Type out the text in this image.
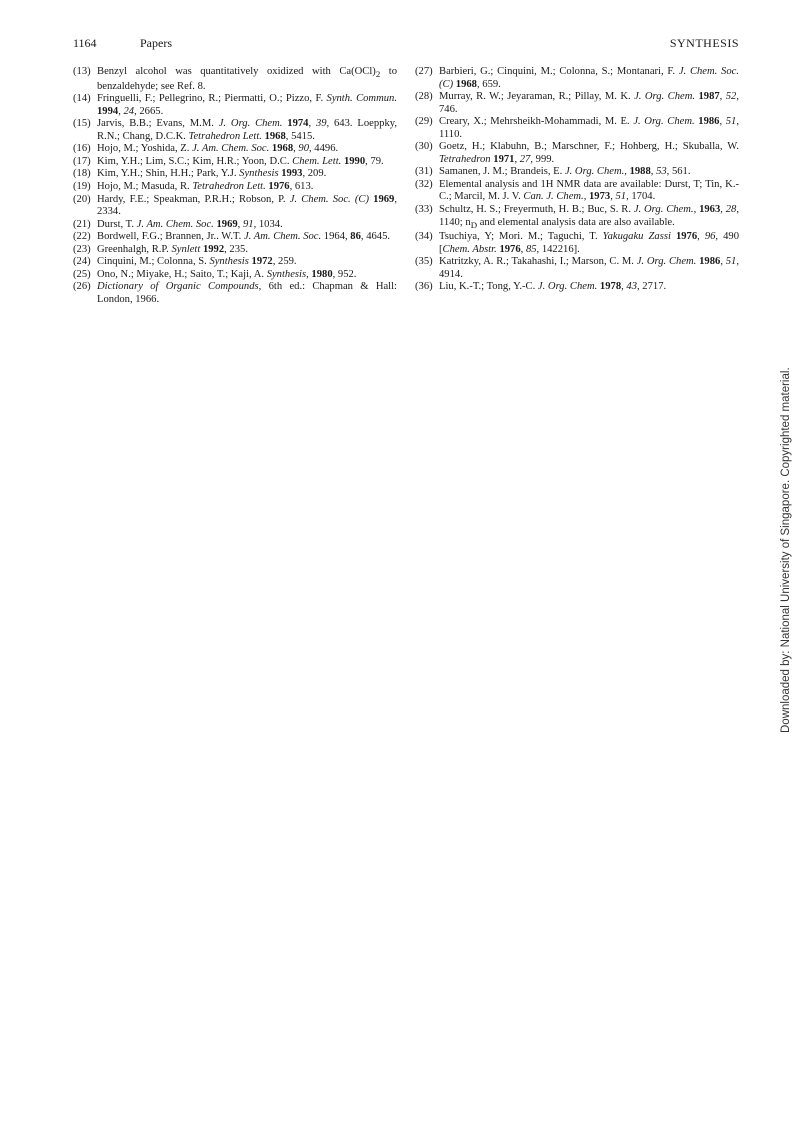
1164	Papers	SYNTHESIS
(13) Benzyl alcohol was quantitatively oxidized with $Ca(OCl)_2$ to benzaldehyde; see Ref. 8.
(14) Fringuelli, F.; Pellegrino, R.; Piermatti, O.; Pizzo, F. Synth. Commun. 1994, 24, 2665.
(15) Jarvis, B.B.; Evans, M.M. J. Org. Chem. 1974, 39, 643. Loeppky, R.N.; Chang, D.C.K. Tetrahedron Lett. 1968, 5415.
(16) Hojo, M.; Yoshida, Z. J. Am. Chem. Soc. 1968, 90, 4496.
(17) Kim, Y.H.; Lim, S.C.; Kim, H.R.; Yoon, D.C. Chem. Lett. 1990, 79.
(18) Kim, Y.H.; Shin, H.H.; Park, Y.J. Synthesis 1993, 209.
(19) Hojo, M.; Masuda, R. Tetrahedron Lett. 1976, 613.
(20) Hardy, F.E.; Speakman, P.R.H.; Robson, P. J. Chem. Soc. (C) 1969, 2334.
(21) Durst, T. J. Am. Chem. Soc. 1969, 91, 1034.
(22) Bordwell, F.G.; Brannen, Jr.. W.T. J. Am. Chem. Soc. 1964, 86, 4645.
(23) Greenhalgh, R.P. Synlett 1992, 235.
(24) Cinquini, M.; Colonna, S. Synthesis 1972, 259.
(25) Ono, N.; Miyake, H.; Saito, T.; Kaji, A. Synthesis, 1980, 952.
(26) Dictionary of Organic Compounds, 6th ed.: Chapman & Hall: London, 1966.
(27) Barbieri, G.; Cinquini, M.; Colonna, S.; Montanari, F. J. Chem. Soc. (C) 1968, 659.
(28) Murray, R. W.; Jeyaraman, R.; Pillay, M. K. J. Org. Chem. 1987, 52, 746.
(29) Creary, X.; Mehrsheikh-Mohammadi, M. E. J. Org. Chem. 1986, 51, 1110.
(30) Goetz, H.; Klabuhn, B.; Marschner, F.; Hohberg, H.; Skuballa, W. Tetrahedron 1971, 27, 999.
(31) Samanen, J. M.; Brandeis, E. J. Org. Chem., 1988, 53, 561.
(32) Elemental analysis and 1H NMR data are available: Durst, T; Tin, K.-C.; Marcil, M. J. V. Can. J. Chem., 1973, 51, 1704.
(33) Schultz, H. S.; Freyermuth, H. B.; Buc, S. R. J. Org. Chem., 1963, 28, 1140; $n_D$ and elemental analysis data are also available.
(34) Tsuchiya, Y; Mori. M.; Taguchi, T. Yakugaku Zassi 1976, 96, 490 [Chem. Abstr. 1976, 85, 142216].
(35) Katritzky, A. R.; Takahashi, I.; Marson, C. M. J. Org. Chem. 1986, 51, 4914.
(36) Liu, K.-T.; Tong, Y.-C. J. Org. Chem. 1978, 43, 2717.
Downloaded by: National University of Singapore. Copyrighted material.
